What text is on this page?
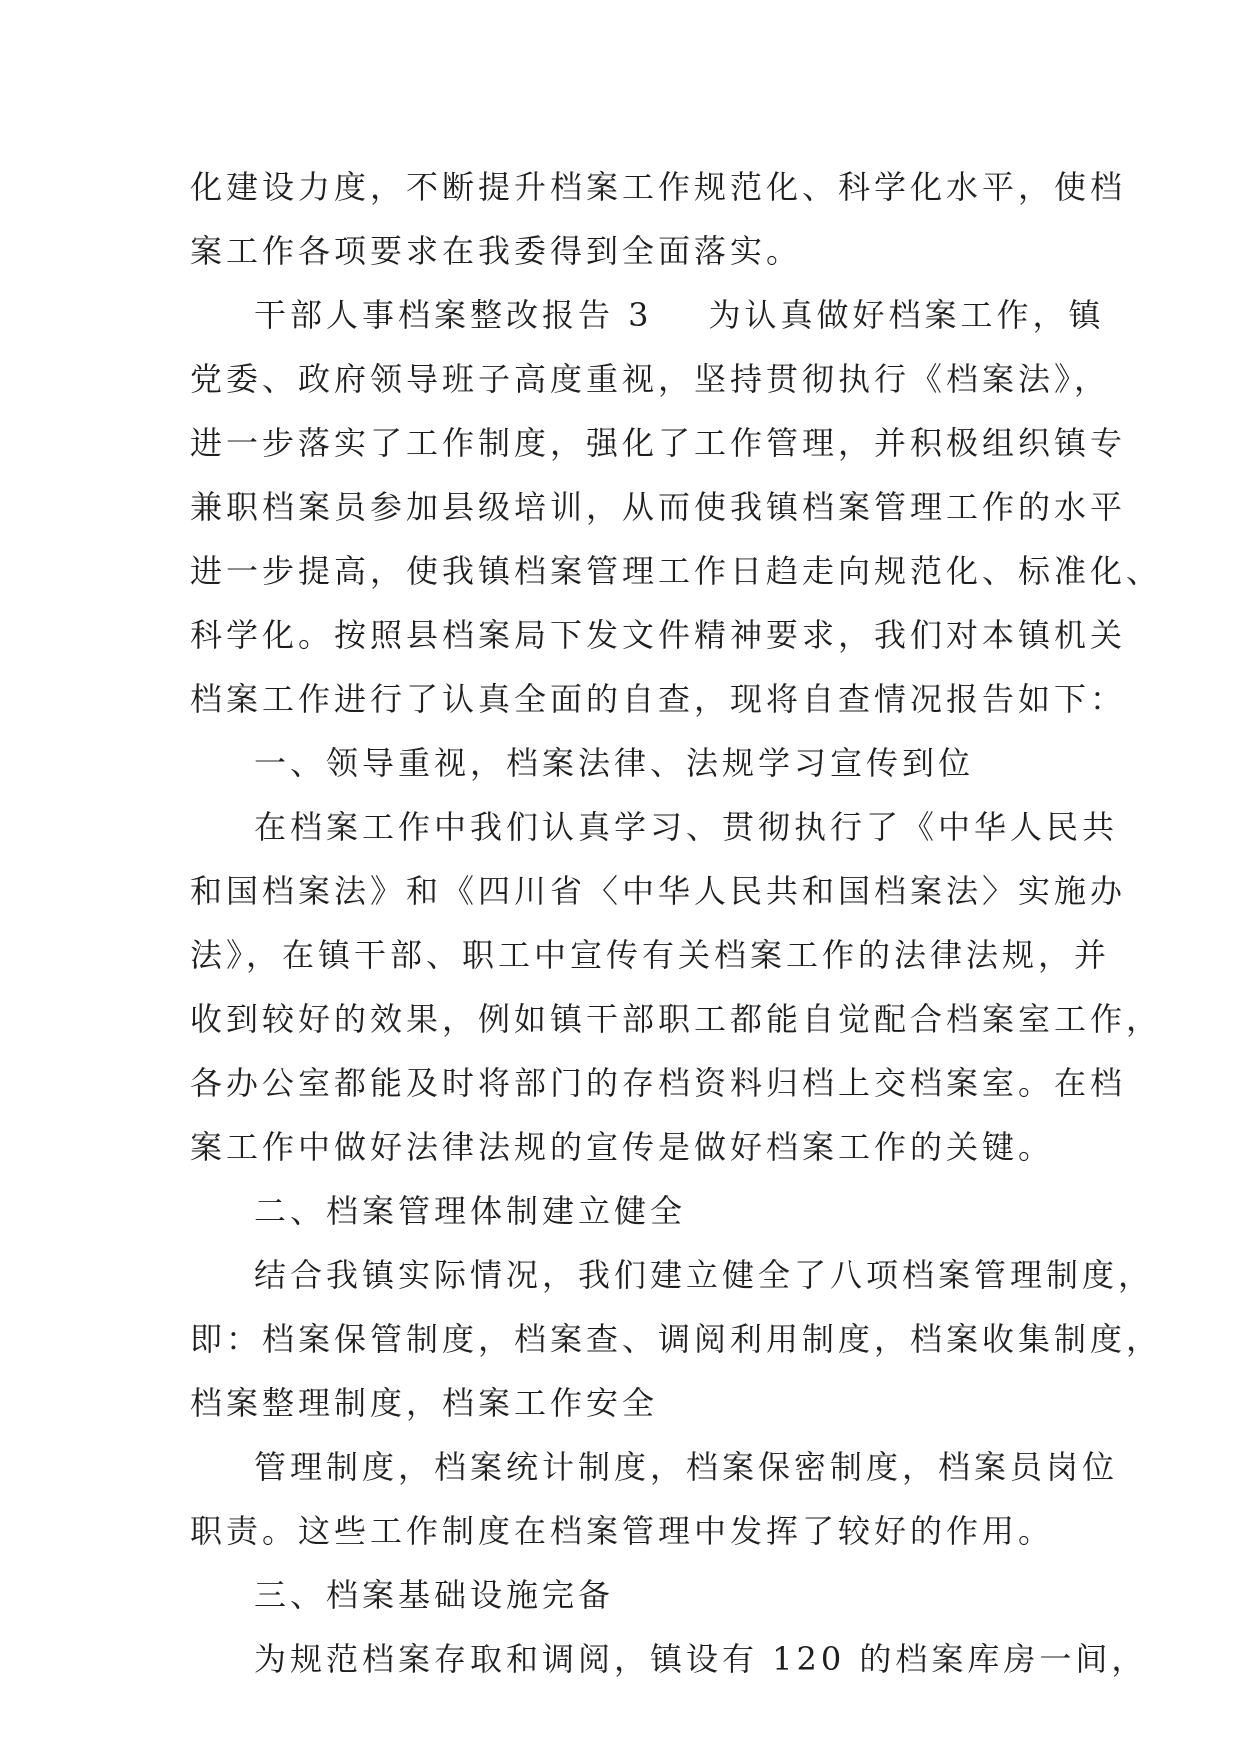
化建设力度，不断提升档案工作规范化、科学化水平，使档
案工作各项要求在我委得到全面落实。
干部人事档案整改报告 3 为认真做好档案工作，镇
党委、政府领导班子高度重视，坚持贯彻执行《档案法》，
进一步落实了工作制度，强化了工作管理，并积极组织镇专
兼职档案员参加县级培训，从而使我镇档案管理工作的水平
进一步提高，使我镇档案管理工作日趋走向规范化、标准化、
科学化。按照县档案局下发文件精神要求，我们对本镇机关
档案工作进行了认真全面的自查，现将自查情况报告如下：
一、领导重视，档案法律、法规学习宣传到位
在档案工作中我们认真学习、贯彻执行了《中华人民共
和国档案法》和《四川省〈中华人民共和国档案法〉实施办
法》，在镇干部、职工中宣传有关档案工作的法律法规，并
收到较好的效果，例如镇干部职工都能自觉配合档案室工作，
各办公室都能及时将部门的存档资料归档上交档案室。在档
案工作中做好法律法规的宣传是做好档案工作的关键。
二、档案管理体制建立健全
结合我镇实际情况，我们建立健全了八项档案管理制度，
即：档案保管制度，档案查、调阅利用制度，档案收集制度，
档案整理制度，档案工作安全
管理制度，档案统计制度，档案保密制度，档案员岗位
职责。这些工作制度在档案管理中发挥了较好的作用。
三、档案基础设施完备
为规范档案存取和调阅，镇设有 120 的档案库房一间，
